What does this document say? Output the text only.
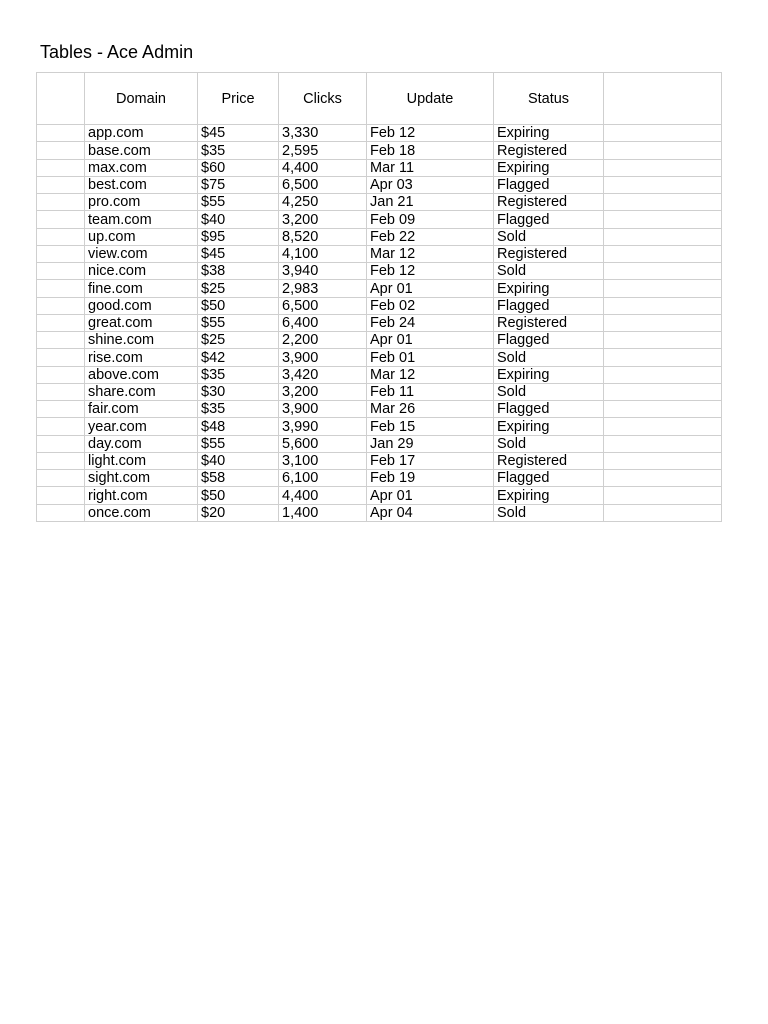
Tables - Ace Admin
	Domain	Price	Clicks	Update	Status	
	app.com	$45	3,330	Feb 12	Expiring	
	base.com	$35	2,595	Feb 18	Registered	
	max.com	$60	4,400	Mar 11	Expiring	
	best.com	$75	6,500	Apr 03	Flagged	
	pro.com	$55	4,250	Jan 21	Registered	
	team.com	$40	3,200	Feb 09	Flagged	
	up.com	$95	8,520	Feb 22	Sold	
	view.com	$45	4,100	Mar 12	Registered	
	nice.com	$38	3,940	Feb 12	Sold	
	fine.com	$25	2,983	Apr 01	Expiring	
	good.com	$50	6,500	Feb 02	Flagged	
	great.com	$55	6,400	Feb 24	Registered	
	shine.com	$25	2,200	Apr 01	Flagged	
	rise.com	$42	3,900	Feb 01	Sold	
	above.com	$35	3,420	Mar 12	Expiring	
	share.com	$30	3,200	Feb 11	Sold	
	fair.com	$35	3,900	Mar 26	Flagged	
	year.com	$48	3,990	Feb 15	Expiring	
	day.com	$55	5,600	Jan 29	Sold	
	light.com	$40	3,100	Feb 17	Registered	
	sight.com	$58	6,100	Feb 19	Flagged	
	right.com	$50	4,400	Apr 01	Expiring	
	once.com	$20	1,400	Apr 04	Sold	
